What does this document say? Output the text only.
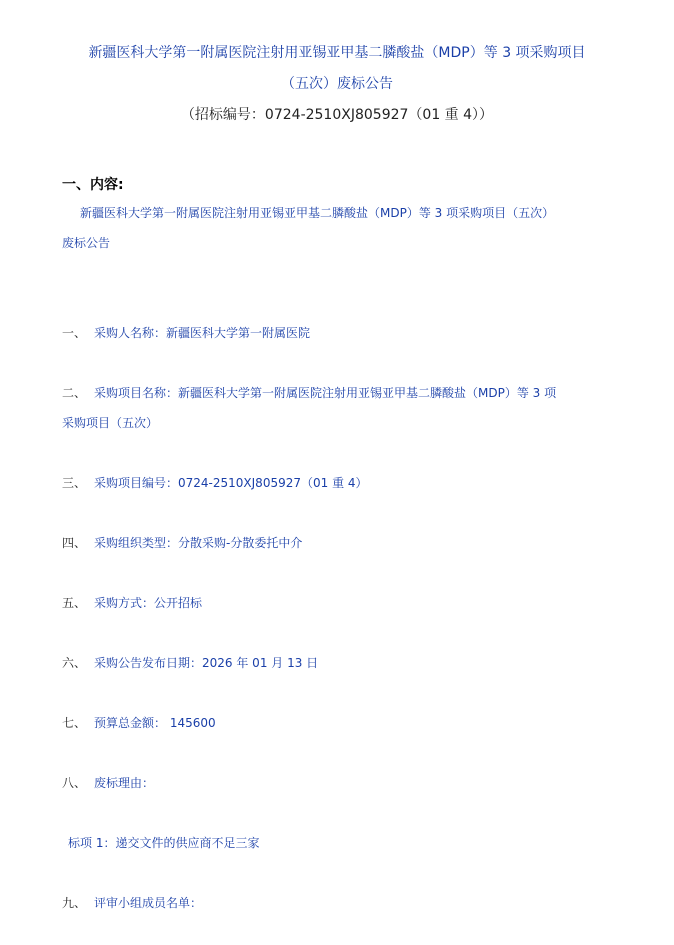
新疆医科大学第一附属医院注射用亚锡亚甲基二膦酸盐（MDP）等 3 项采购项目
（五次）废标公告
（招标编号：0724-2510XJ805927（01 重 4））
一、内容:
新疆医科大学第一附属医院注射用亚锡亚甲基二膦酸盐（MDP）等 3 项采购项目（五次）
废标公告
一、 采购人名称：新疆医科大学第一附属医院
二、 采购项目名称：新疆医科大学第一附属医院注射用亚锡亚甲基二膦酸盐（MDP）等 3 项
采购项目（五次）
三、 采购项目编号：0724-2510XJ805927（01 重 4）
四、 采购组织类型：分散采购-分散委托中介
五、 采购方式：公开招标
六、 采购公告发布日期：2026 年 01 月 13 日
七、 预算总金额： 145600
八、 废标理由：
标项 1：递交文件的供应商不足三家
九、 评审小组成员名单：
